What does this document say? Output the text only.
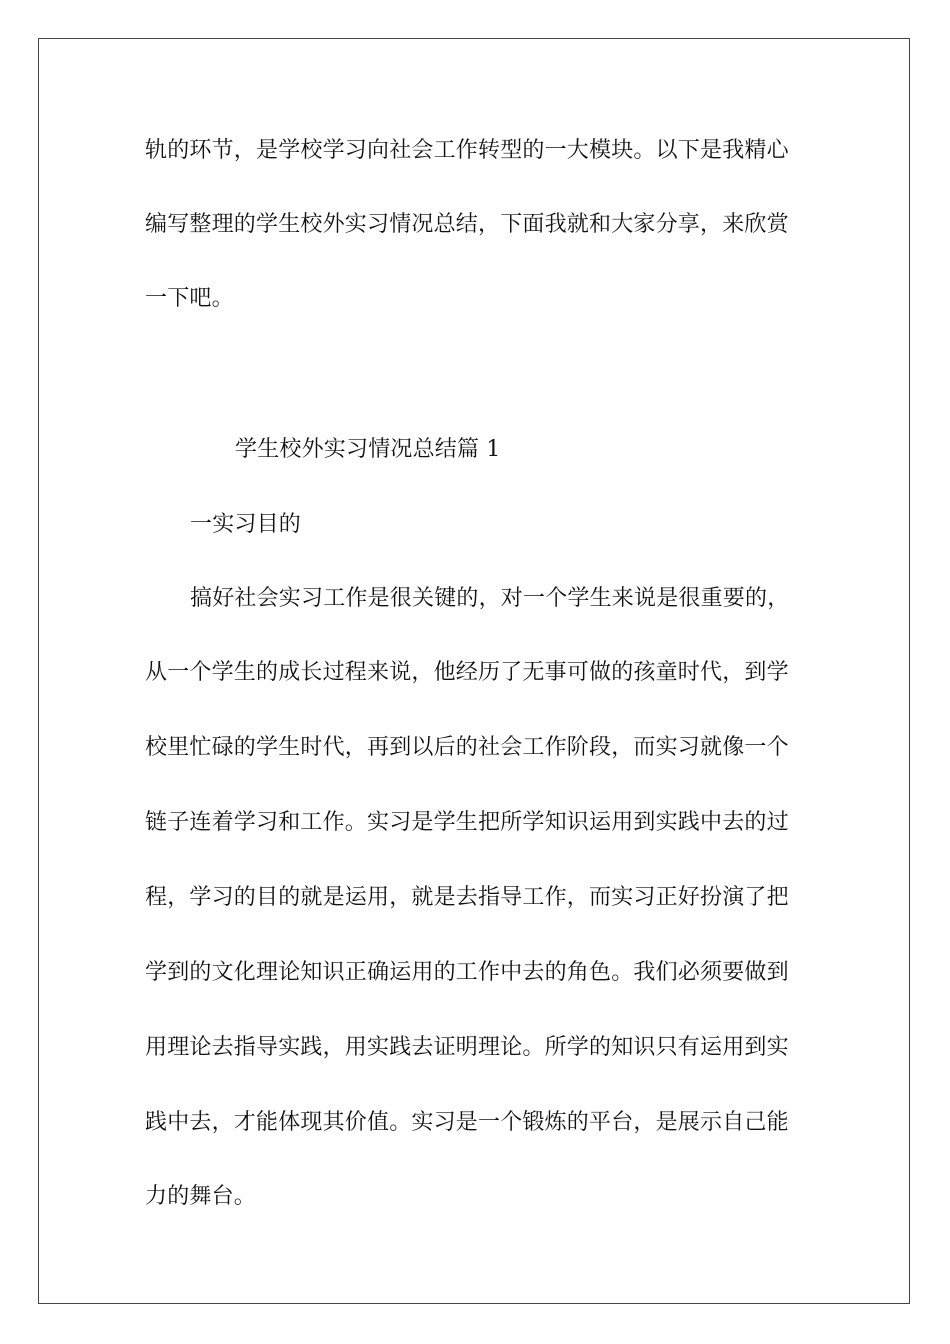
轨的环节，是学校学习向社会工作转型的一大模块。以下是我精心
编写整理的学生校外实习情况总结，下面我就和大家分享，来欣赏
一下吧。
学生校外实习情况总结篇 1
一实习目的
搞好社会实习工作是很关键的，对一个学生来说是很重要的，
从一个学生的成长过程来说，他经历了无事可做的孩童时代，到学
校里忙碌的学生时代，再到以后的社会工作阶段，而实习就像一个
链子连着学习和工作。实习是学生把所学知识运用到实践中去的过
程，学习的目的就是运用，就是去指导工作，而实习正好扮演了把
学到的文化理论知识正确运用的工作中去的角色。我们必须要做到
用理论去指导实践，用实践去证明理论。所学的知识只有运用到实
践中去，才能体现其价值。实习是一个锻炼的平台，是展示自己能
力的舞台。
